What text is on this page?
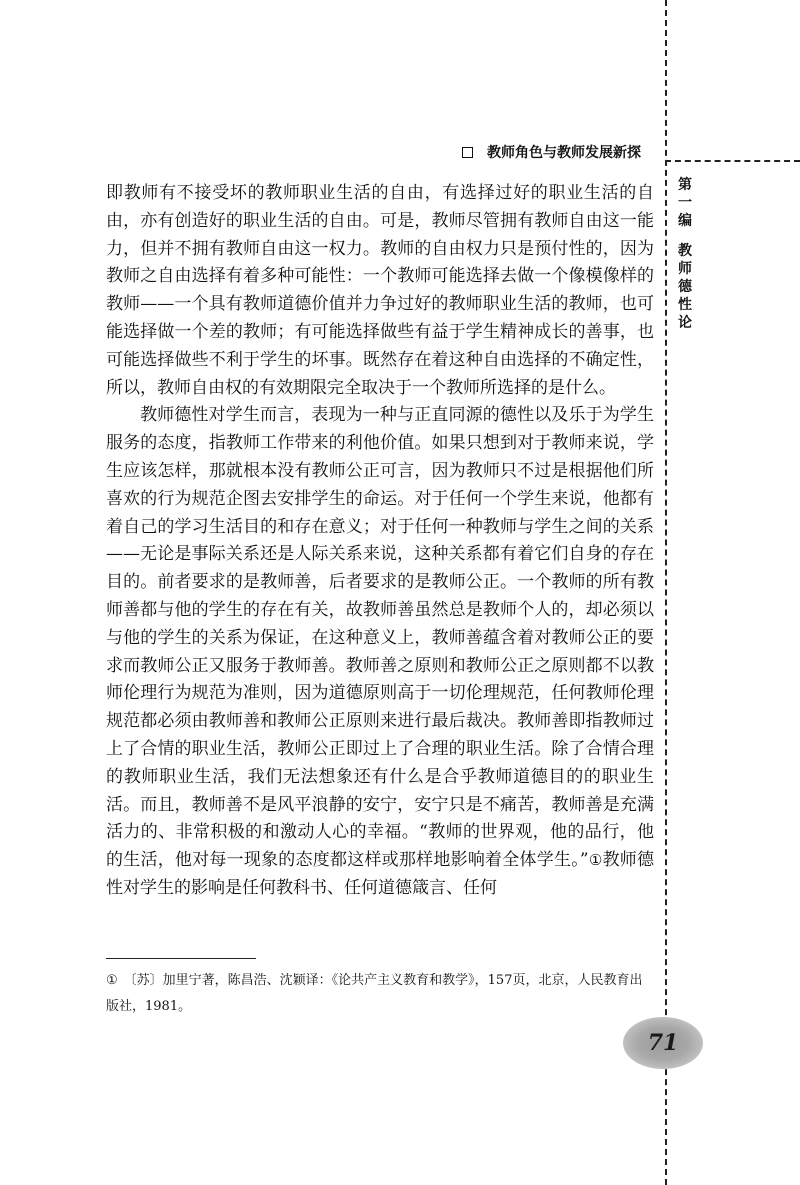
教师角色与教师发展新探
第
一
编
教
师
德
性
论

即教师有不接受坏的教师职业生活的自由，有选择过好的职业生活的自由，亦有创造好的职业生活的自由。可是，教师尽管拥有教师自由这一能力，但并不拥有教师自由这一权力。教师的自由权力只是预付性的，因为教师之自由选择有着多种可能性：一个教师可能选择去做一个像模像样的教师——一个具有教师道德价值并力争过好的教师职业生活的教师，也可能选择做一个差的教师；有可能选择做些有益于学生精神成长的善事，也可能选择做些不利于学生的坏事。既然存在着这种自由选择的不确定性，所以，教师自由权的有效期限完全取决于一个教师所选择的是什么。

教师德性对学生而言，表现为一种与正直同源的德性以及乐于为学生服务的态度，指教师工作带来的利他价值。如果只想到对于教师来说，学生应该怎样，那就根本没有教师公正可言，因为教师只不过是根据他们所喜欢的行为规范企图去安排学生的命运。对于任何一个学生来说，他都有着自己的学习生活目的和存在意义；对于任何一种教师与学生之间的关系——无论是事际关系还是人际关系来说，这种关系都有着它们自身的存在目的。前者要求的是教师善，后者要求的是教师公正。一个教师的所有教师善都与他的学生的存在有关，故教师善虽然总是教师个人的，却必须以与他的学生的关系为保证，在这种意义上，教师善蕴含着对教师公正的要求而教师公正又服务于教师善。教师善之原则和教师公正之原则都不以教师伦理行为规范为准则，因为道德原则高于一切伦理规范，任何教师伦理规范都必须由教师善和教师公正原则来进行最后裁决。教师善即指教师过上了合情的职业生活，教师公正即过上了合理的职业生活。除了合情合理的教师职业生活，我们无法想象还有什么是合乎教师道德目的的职业生活。而且，教师善不是风平浪静的安宁，安宁只是不痛苦，教师善是充满活力的、非常积极的和激动人心的幸福。“教师的世界观，他的品行，他的生活，他对每一现象的态度都这样或那样地影响着全体学生。”①教师德性对学生的影响是任何教科书、任何道德箴言、任何

① 〔苏〕加里宁著，陈昌浩、沈颖译：《论共产主义教育和教学》，157页，北京，人民教育出版社，1981。
71
